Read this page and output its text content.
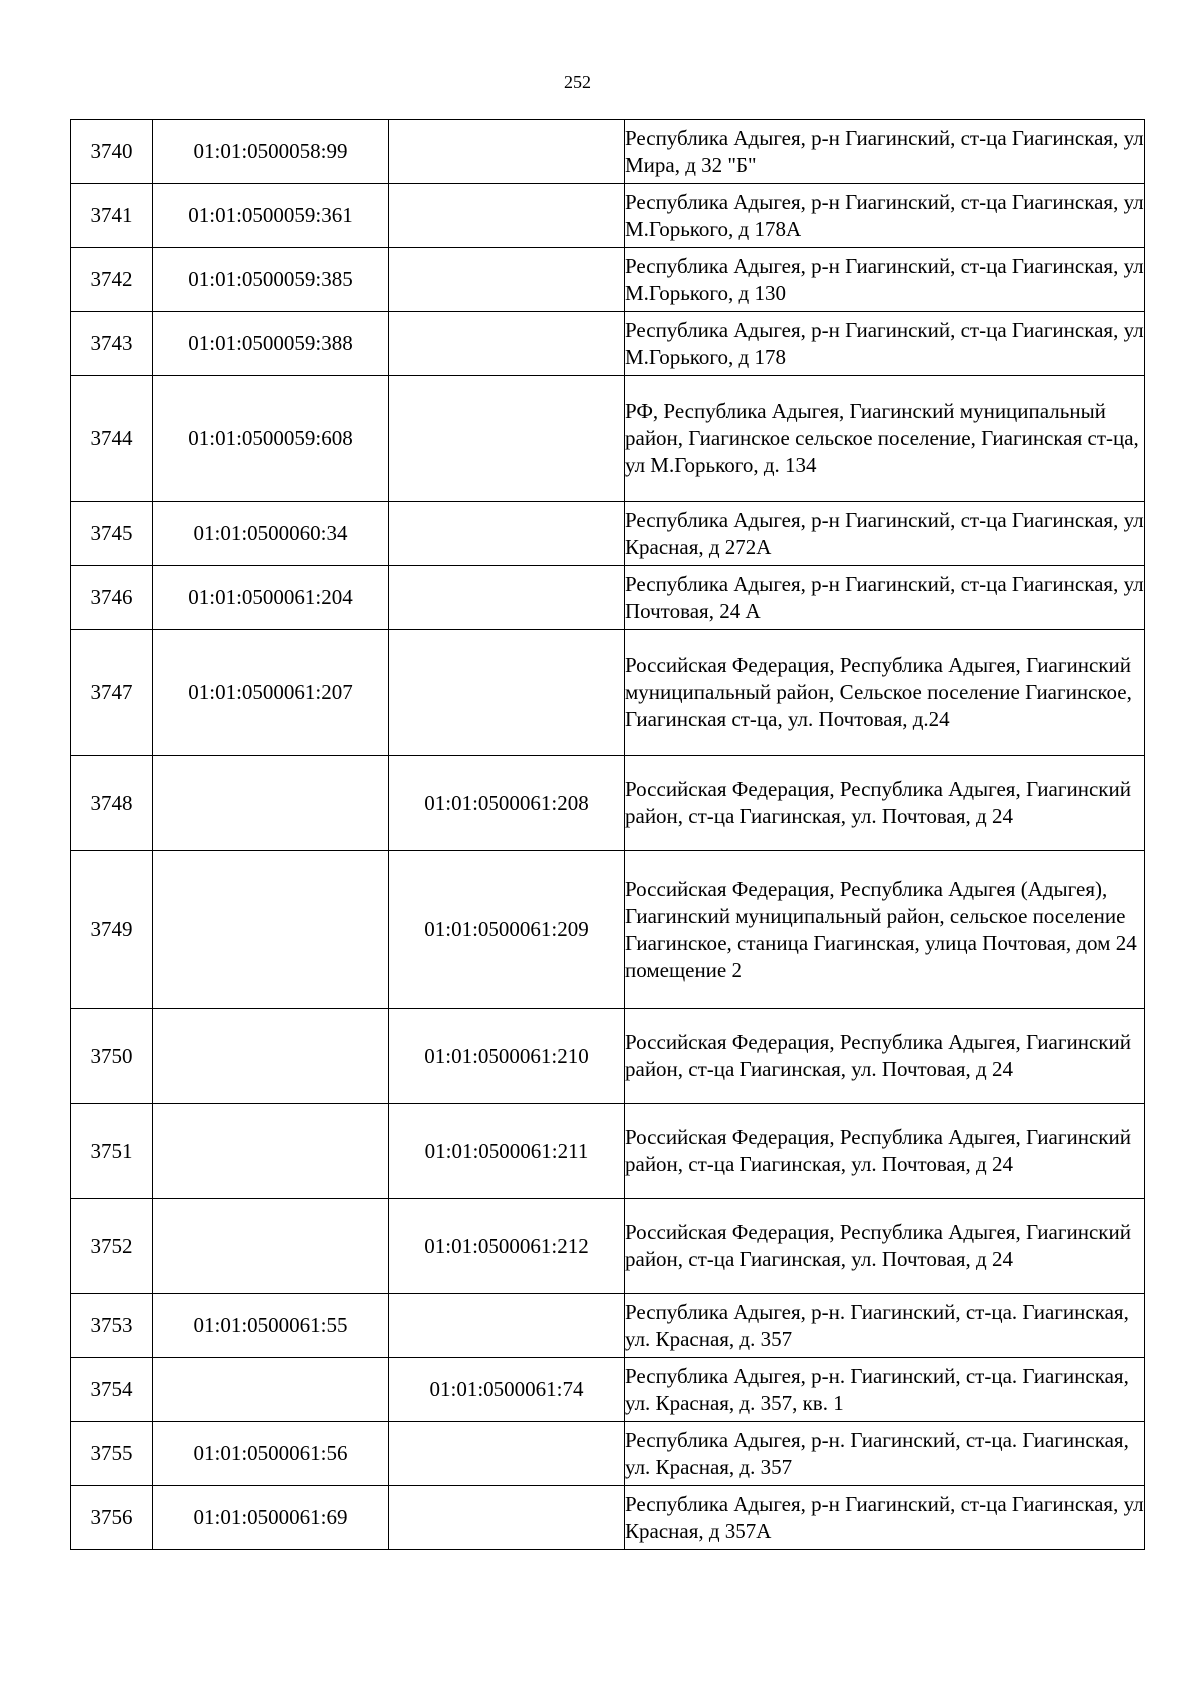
252
3740	01:01:0500058:99		Республика Адыгея, р-н Гиагинский, ст-ца Гиагинская, ул Мира, д 32 "Б"
3741	01:01:0500059:361		Республика Адыгея, р-н Гиагинский, ст-ца Гиагинская, ул М.Горького, д 178А
3742	01:01:0500059:385		Республика Адыгея, р-н Гиагинский, ст-ца Гиагинская, ул М.Горького, д 130
3743	01:01:0500059:388		Республика Адыгея, р-н Гиагинский, ст-ца Гиагинская, ул М.Горького, д 178
3744	01:01:0500059:608		РФ, Республика Адыгея, Гиагинский муниципальный район, Гиагинское сельское поселение, Гиагинская ст-ца, ул М.Горького, д. 134
3745	01:01:0500060:34		Республика Адыгея, р-н Гиагинский, ст-ца Гиагинская, ул Красная, д 272А
3746	01:01:0500061:204		Республика Адыгея, р-н Гиагинский, ст-ца Гиагинская, ул Почтовая, 24 А
3747	01:01:0500061:207		Российская Федерация, Республика Адыгея, Гиагинский муниципальный район, Сельское поселение Гиагинское, Гиагинская ст-ца, ул. Почтовая, д.24
3748		01:01:0500061:208	Российская Федерация, Республика Адыгея, Гиагинский район, ст-ца Гиагинская, ул. Почтовая, д 24
3749		01:01:0500061:209	Российская Федерация, Республика Адыгея (Адыгея), Гиагинский муниципальный район, сельское поселение Гиагинское, станица Гиагинская, улица Почтовая, дом 24 помещение 2
3750		01:01:0500061:210	Российская Федерация, Республика Адыгея, Гиагинский район, ст-ца Гиагинская, ул. Почтовая, д 24
3751		01:01:0500061:211	Российская Федерация, Республика Адыгея, Гиагинский район, ст-ца Гиагинская, ул. Почтовая, д 24
3752		01:01:0500061:212	Российская Федерация, Республика Адыгея, Гиагинский район, ст-ца Гиагинская, ул. Почтовая, д 24
3753	01:01:0500061:55		Республика Адыгея, р-н. Гиагинский, ст-ца. Гиагинская, ул. Красная, д. 357
3754		01:01:0500061:74	Республика Адыгея, р-н. Гиагинский, ст-ца. Гиагинская, ул. Красная, д. 357, кв. 1
3755	01:01:0500061:56		Республика Адыгея, р-н. Гиагинский, ст-ца. Гиагинская, ул. Красная, д. 357
3756	01:01:0500061:69		Республика Адыгея, р-н Гиагинский, ст-ца Гиагинская, ул Красная, д 357А
